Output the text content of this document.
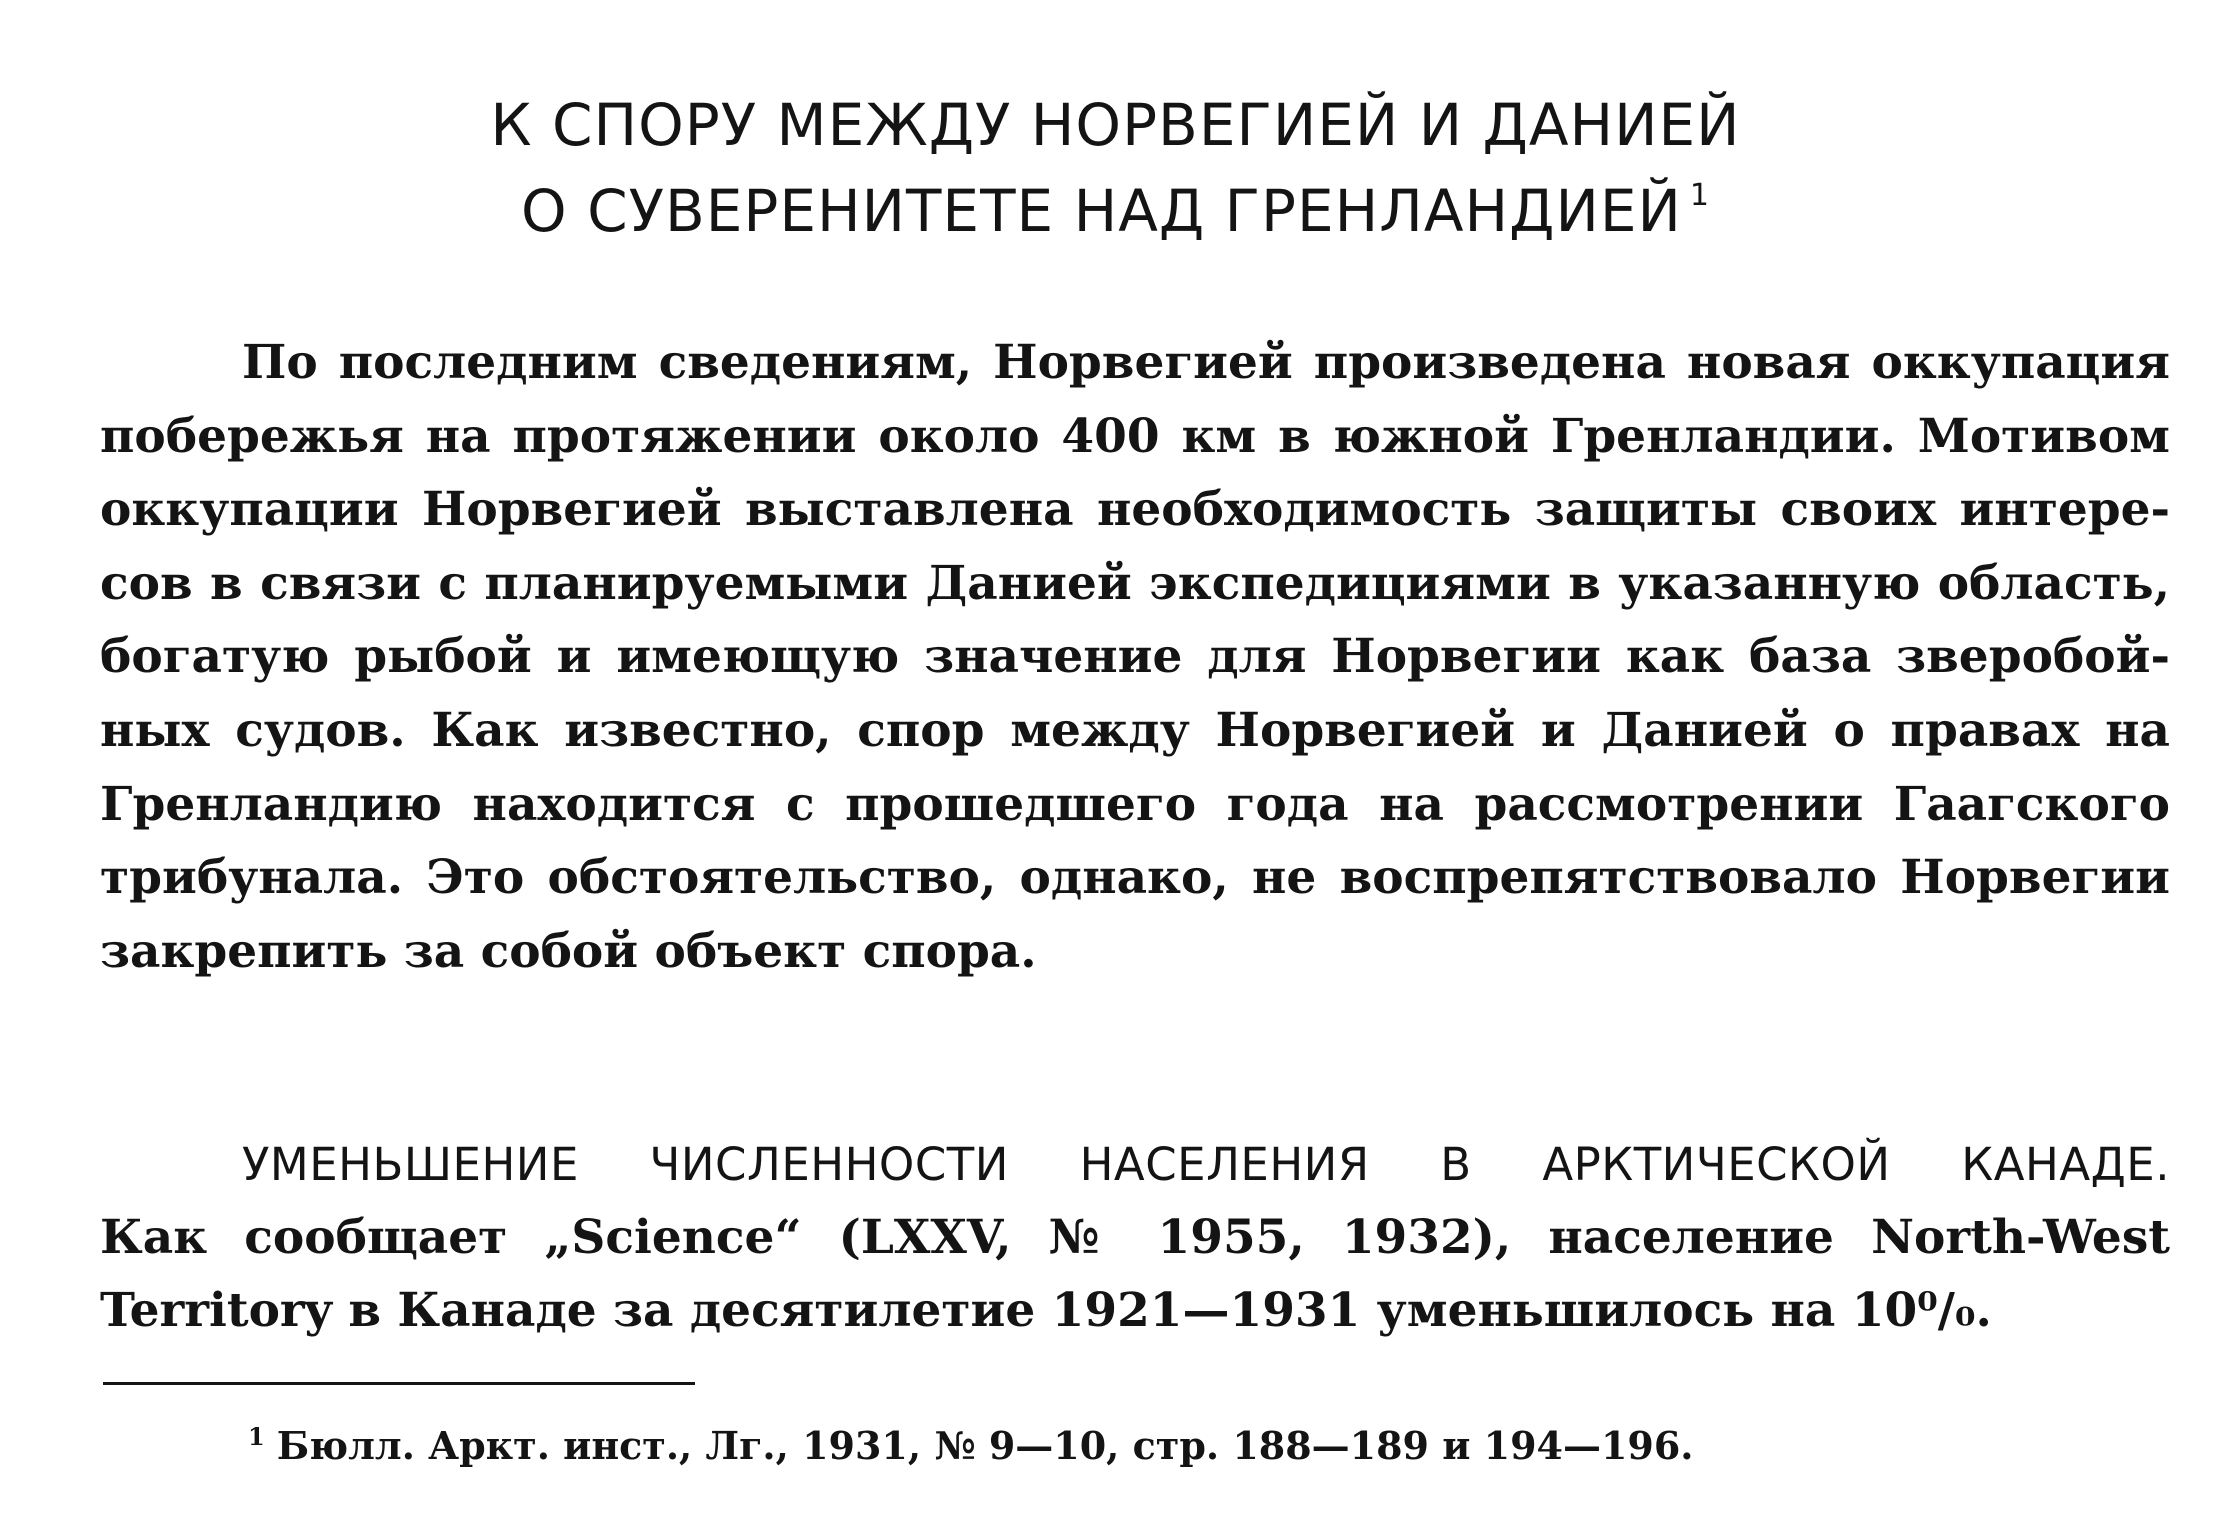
К СПОРУ МЕЖДУ НОРВЕГИЕЙ И ДАНИЕЙ
О СУВЕРЕНИТЕТЕ НАД ГРЕНЛАНДИЕЙ $^1$
По последним сведениям, Норвегией произведена новая оккупация
побережья на протяжении около 400 км в южной Гренландии. Мотивом
оккупации Норвегией выставлена необходимость защиты своих интере-
сов в связи с планируемыми Данией экспедициями в указанную область,
богатую рыбой и имеющую значение для Норвегии как база зверобой-
ных судов. Как известно, спор между Норвегией и Данией о правах на
Гренландию находится с прошедшего года на рассмотрении Гаагского
трибунала. Это обстоятельство, однако, не воспрепятствовало Норвегии
закрепить за собой объект спора.
УМЕНЬШЕНИЕ ЧИСЛЕННОСТИ НАСЕЛЕНИЯ В АРКТИЧЕСКОЙ КАНАДЕ.
Как сообщает „Science“ (LXXV, № 1955, 1932), население North-West
Territory в Канаде за десятилетие 1921—1931 уменьшилось на 10⁰/₀.
$^1$ Бюлл. Аркт. инст., Лг., 1931, № 9—10, стр. 188—189 и 194—196.
